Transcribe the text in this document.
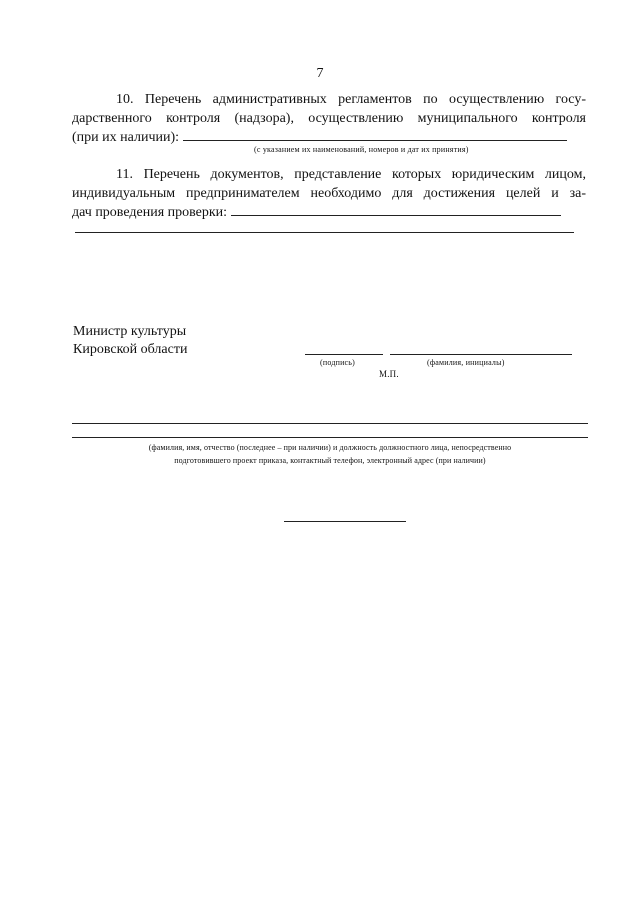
7

10. Перечень административных регламентов по осуществлению госу-

дарственного контроля (надзора), осуществлению муниципального контроля

(при их наличии):

(с указанием их наименований, номеров и дат их принятия)

11. Перечень документов, представление которых юридическим лицом,

индивидуальным предпринимателем необходимо для достижения целей и за-

дач проведения проверки:

Министр культуры
Кировской области
(подпись)	(фамилия, инициалы)
М.П.
(фамилия, имя, отчество (последнее – при наличии) и должность должностного лица, непосредственно
подготовившего проект приказа, контактный телефон, электронный адрес (при наличии)
